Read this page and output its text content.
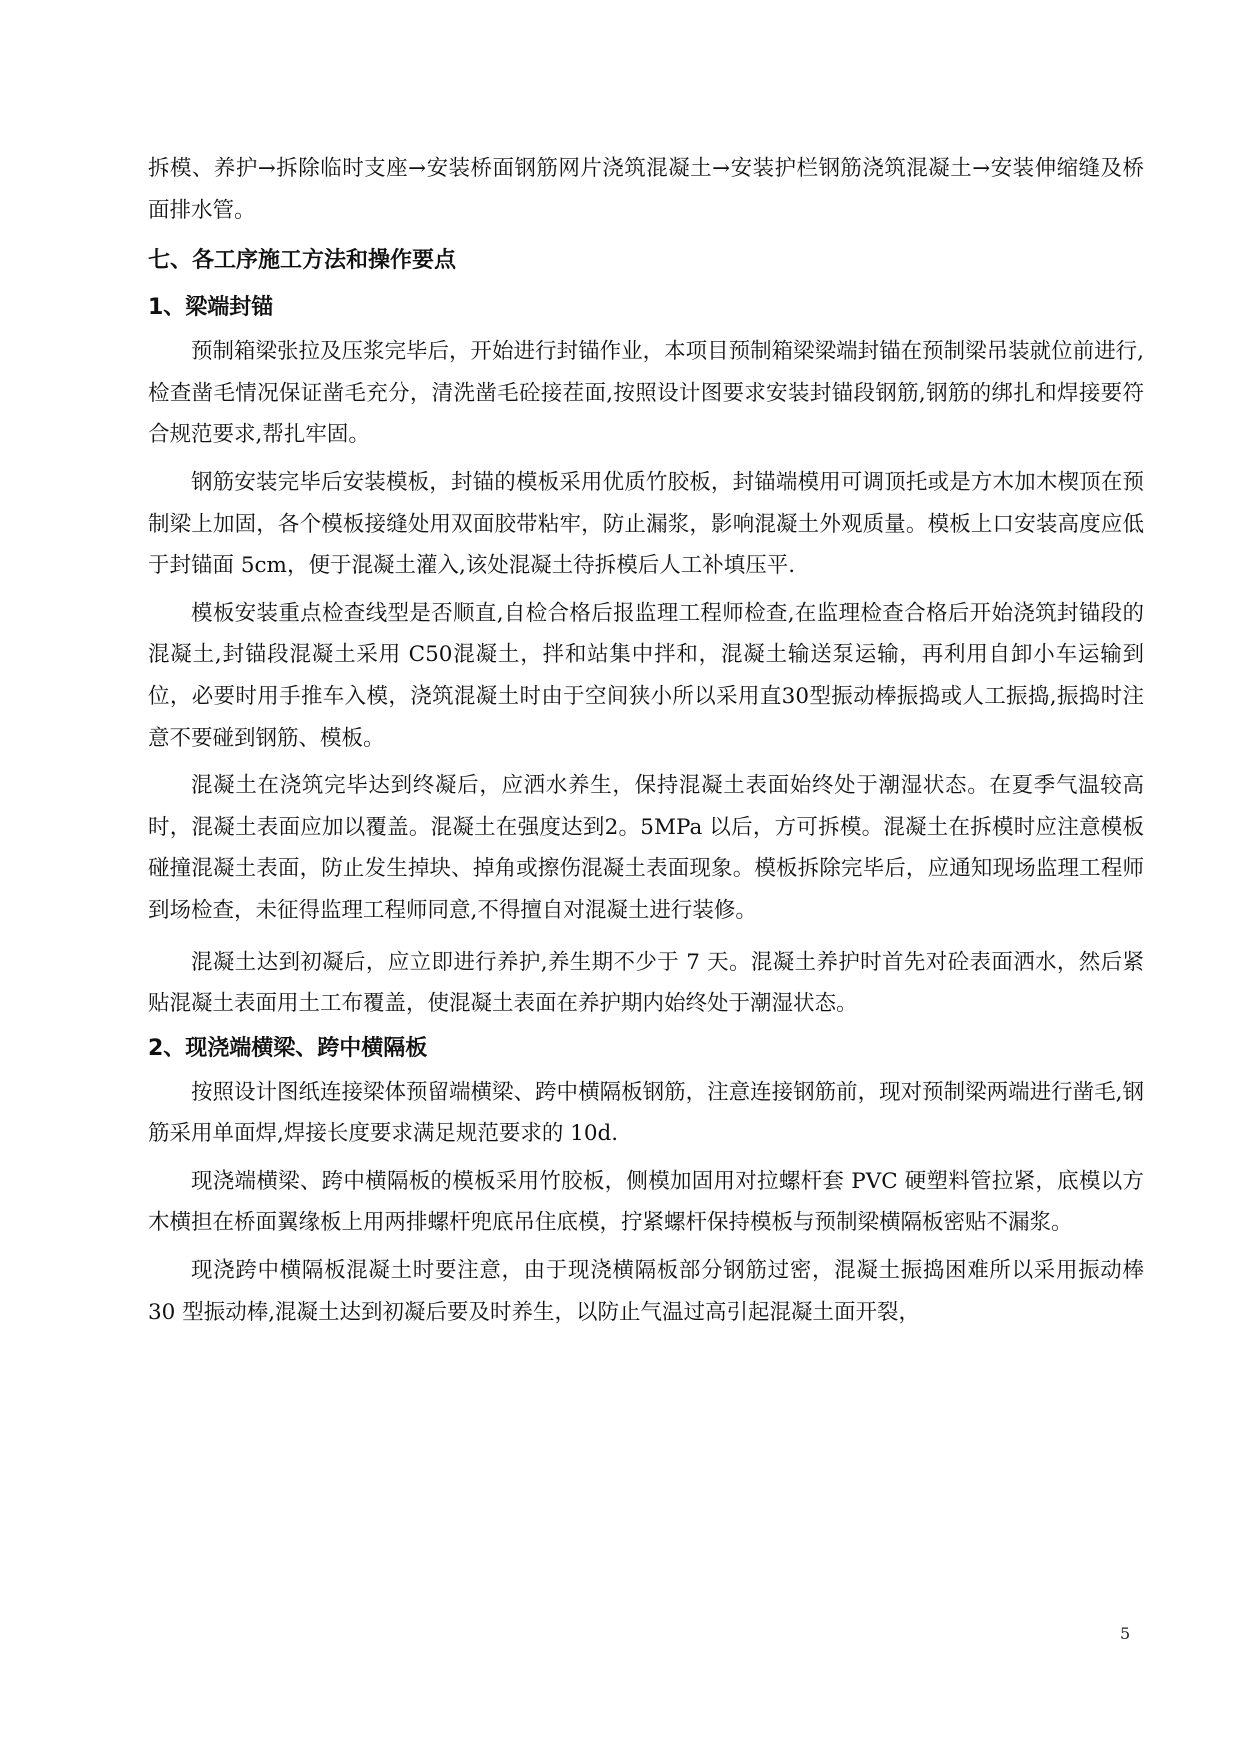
拆模、养护→拆除临时支座→安装桥面钢筋网片浇筑混凝土→安装护栏钢筋浇筑混凝土→安装伸缩缝及桥面排水管。

七、各工序施工方法和操作要点
1、梁端封锚

预制箱梁张拉及压浆完毕后，开始进行封锚作业，本项目预制箱梁梁端封锚在预制梁吊装就位前进行,检查凿毛情况保证凿毛充分，清洗凿毛砼接茬面,按照设计图要求安装封锚段钢筋,钢筋的绑扎和焊接要符合规范要求,帮扎牢固。

钢筋安装完毕后安装模板，封锚的模板采用优质竹胶板，封锚端模用可调顶托或是方木加木楔顶在预制梁上加固，各个模板接缝处用双面胶带粘牢，防止漏浆，影响混凝土外观质量。模板上口安装高度应低于封锚面 5cm，便于混凝土灌入,该处混凝土待拆模后人工补填压平.

模板安装重点检查线型是否顺直,自检合格后报监理工程师检查,在监理检查合格后开始浇筑封锚段的混凝土,封锚段混凝土采用 C50混凝土，拌和站集中拌和，混凝土输送泵运输，再利用自卸小车运输到位，必要时用手推车入模，浇筑混凝土时由于空间狭小所以采用直30型振动棒振捣或人工振捣,振捣时注意不要碰到钢筋、模板。

混凝土在浇筑完毕达到终凝后，应洒水养生，保持混凝土表面始终处于潮湿状态。在夏季气温较高时，混凝土表面应加以覆盖。混凝土在强度达到2。5MPa 以后，方可拆模。混凝土在拆模时应注意模板碰撞混凝土表面，防止发生掉块、掉角或擦伤混凝土表面现象。模板拆除完毕后，应通知现场监理工程师到场检查，未征得监理工程师同意,不得擅自对混凝土进行装修。

混凝土达到初凝后，应立即进行养护,养生期不少于 7 天。混凝土养护时首先对砼表面洒水，然后紧贴混凝土表面用土工布覆盖，使混凝土表面在养护期内始终处于潮湿状态。

2、现浇端横梁、跨中横隔板

按照设计图纸连接梁体预留端横梁、跨中横隔板钢筋，注意连接钢筋前，现对预制梁两端进行凿毛,钢筋采用单面焊,焊接长度要求满足规范要求的 10d.

现浇端横梁、跨中横隔板的模板采用竹胶板，侧模加固用对拉螺杆套 PVC 硬塑料管拉紧，底模以方木横担在桥面翼缘板上用两排螺杆兜底吊住底模，拧紧螺杆保持模板与预制梁横隔板密贴不漏浆。

现浇跨中横隔板混凝土时要注意，由于现浇横隔板部分钢筋过密，混凝土振捣困难所以采用振动棒 30 型振动棒,混凝土达到初凝后要及时养生，以防止气温过高引起混凝土面开裂，

5
